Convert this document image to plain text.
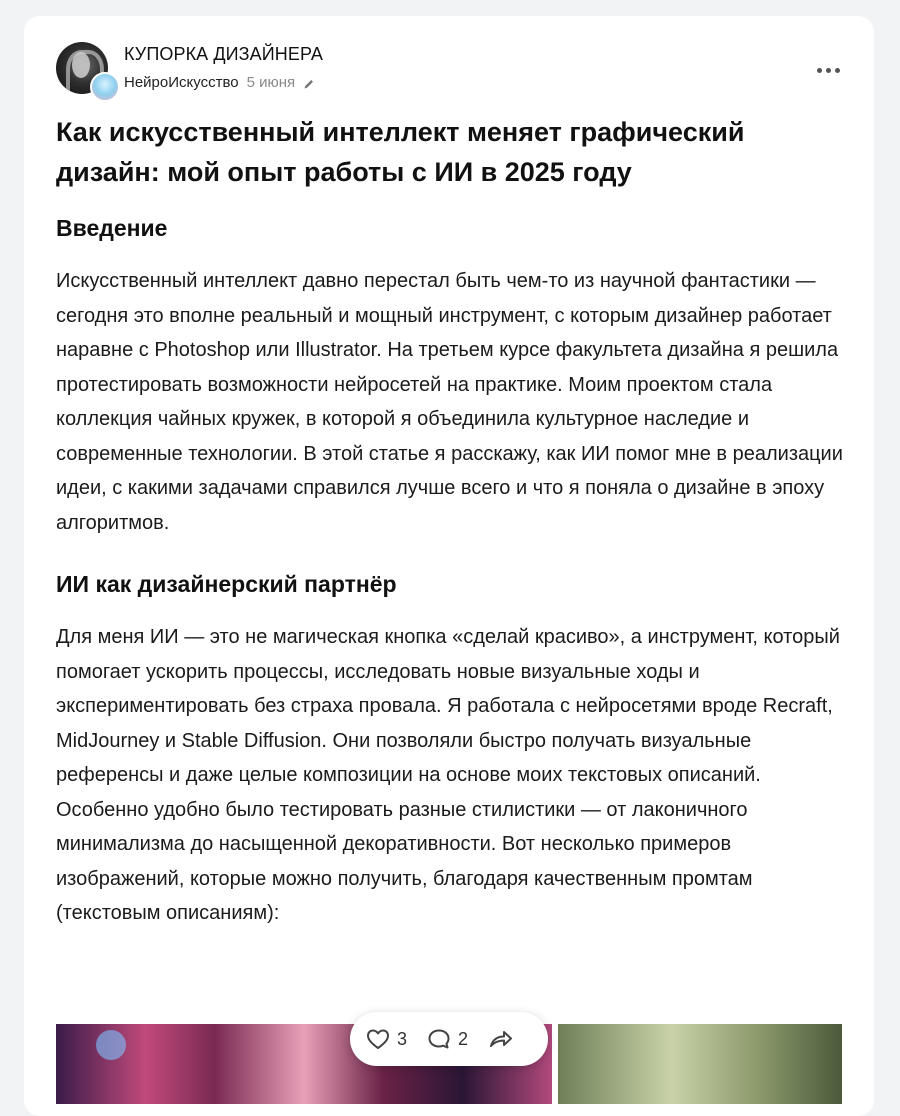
КУПОРКА ДИЗАЙНЕРА
НейроИскусство 5 июня
Как искусственный интеллект меняет графический дизайн: мой опыт работы с ИИ в 2025 году
Введение

Искусственный интеллект давно перестал быть чем-то из научной фантастики — сегодня это вполне реальный и мощный инструмент, с которым дизайнер работает наравне с Photoshop или Illustrator. На третьем курсе факультета дизайна я решила протестировать возможности нейросетей на практике. Моим проектом стала коллекция чайных кружек, в которой я объединила культурное наследие и современные технологии. В этой статье я расскажу, как ИИ помог мне в реализации идеи, с какими задачами справился лучше всего и что я поняла о дизайне в эпоху алгоритмов.

ИИ как дизайнерский партнёр

Для меня ИИ — это не магическая кнопка «сделай красиво», а инструмент, который помогает ускорить процессы, исследовать новые визуальные ходы и экспериментировать без страха провала. Я работала с нейросетями вроде Recraft, MidJourney и Stable Diffusion. Они позволяли быстро получать визуальные референсы и даже целые композиции на основе моих текстовых описаний. Особенно удобно было тестировать разные стилистики — от лаконичного минимализма до насыщенной декоративности. Вот несколько примеров изображений, которые можно получить, благодаря качественным промтам (текстовым описаниям):

3	2
